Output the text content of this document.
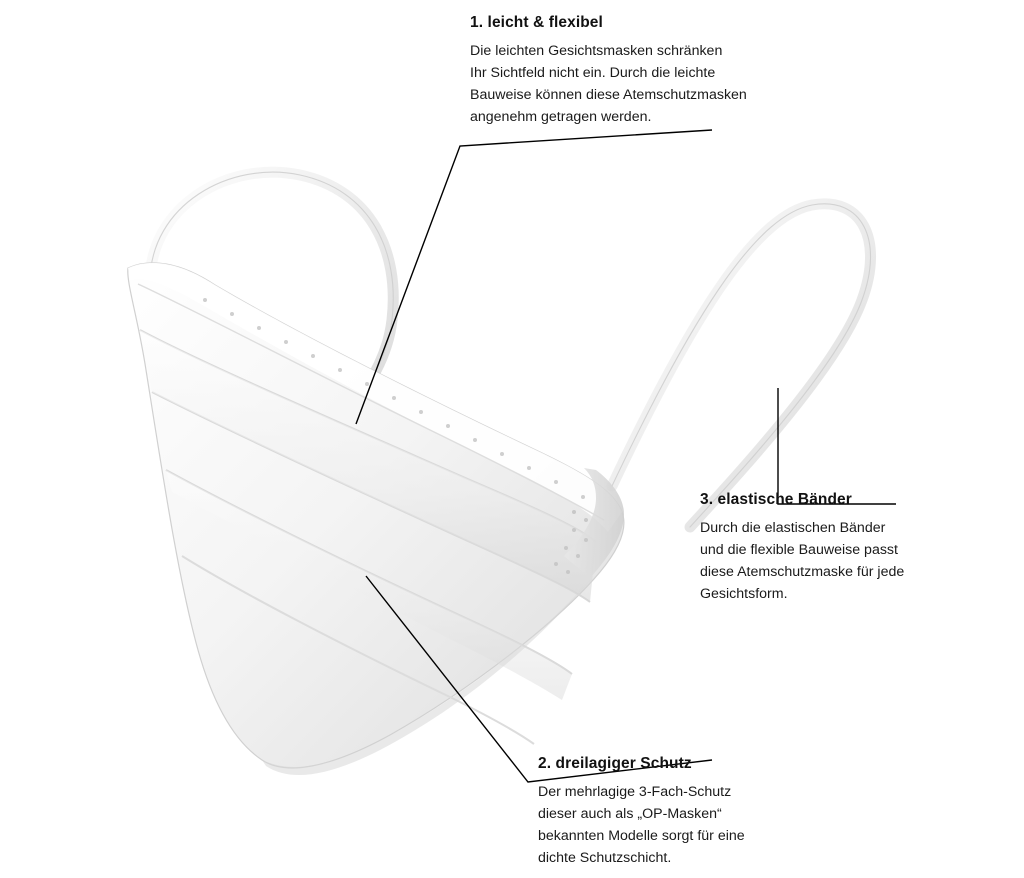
1. leicht & flexibel

Die leichten Gesichtsmasken schränken
Ihr Sichtfeld nicht ein. Durch die leichte
Bauweise können diese Atemschutzmasken
angenehm getragen werden.

2. dreilagiger Schutz

Der mehrlagige 3-Fach-Schutz
dieser auch als „OP-Masken“
bekannten Modelle sorgt für eine
dichte Schutzschicht.

3. elastische Bänder

Durch die elastischen Bänder
und die flexible Bauweise passt
diese Atemschutzmaske für jede
Gesichtsform.
